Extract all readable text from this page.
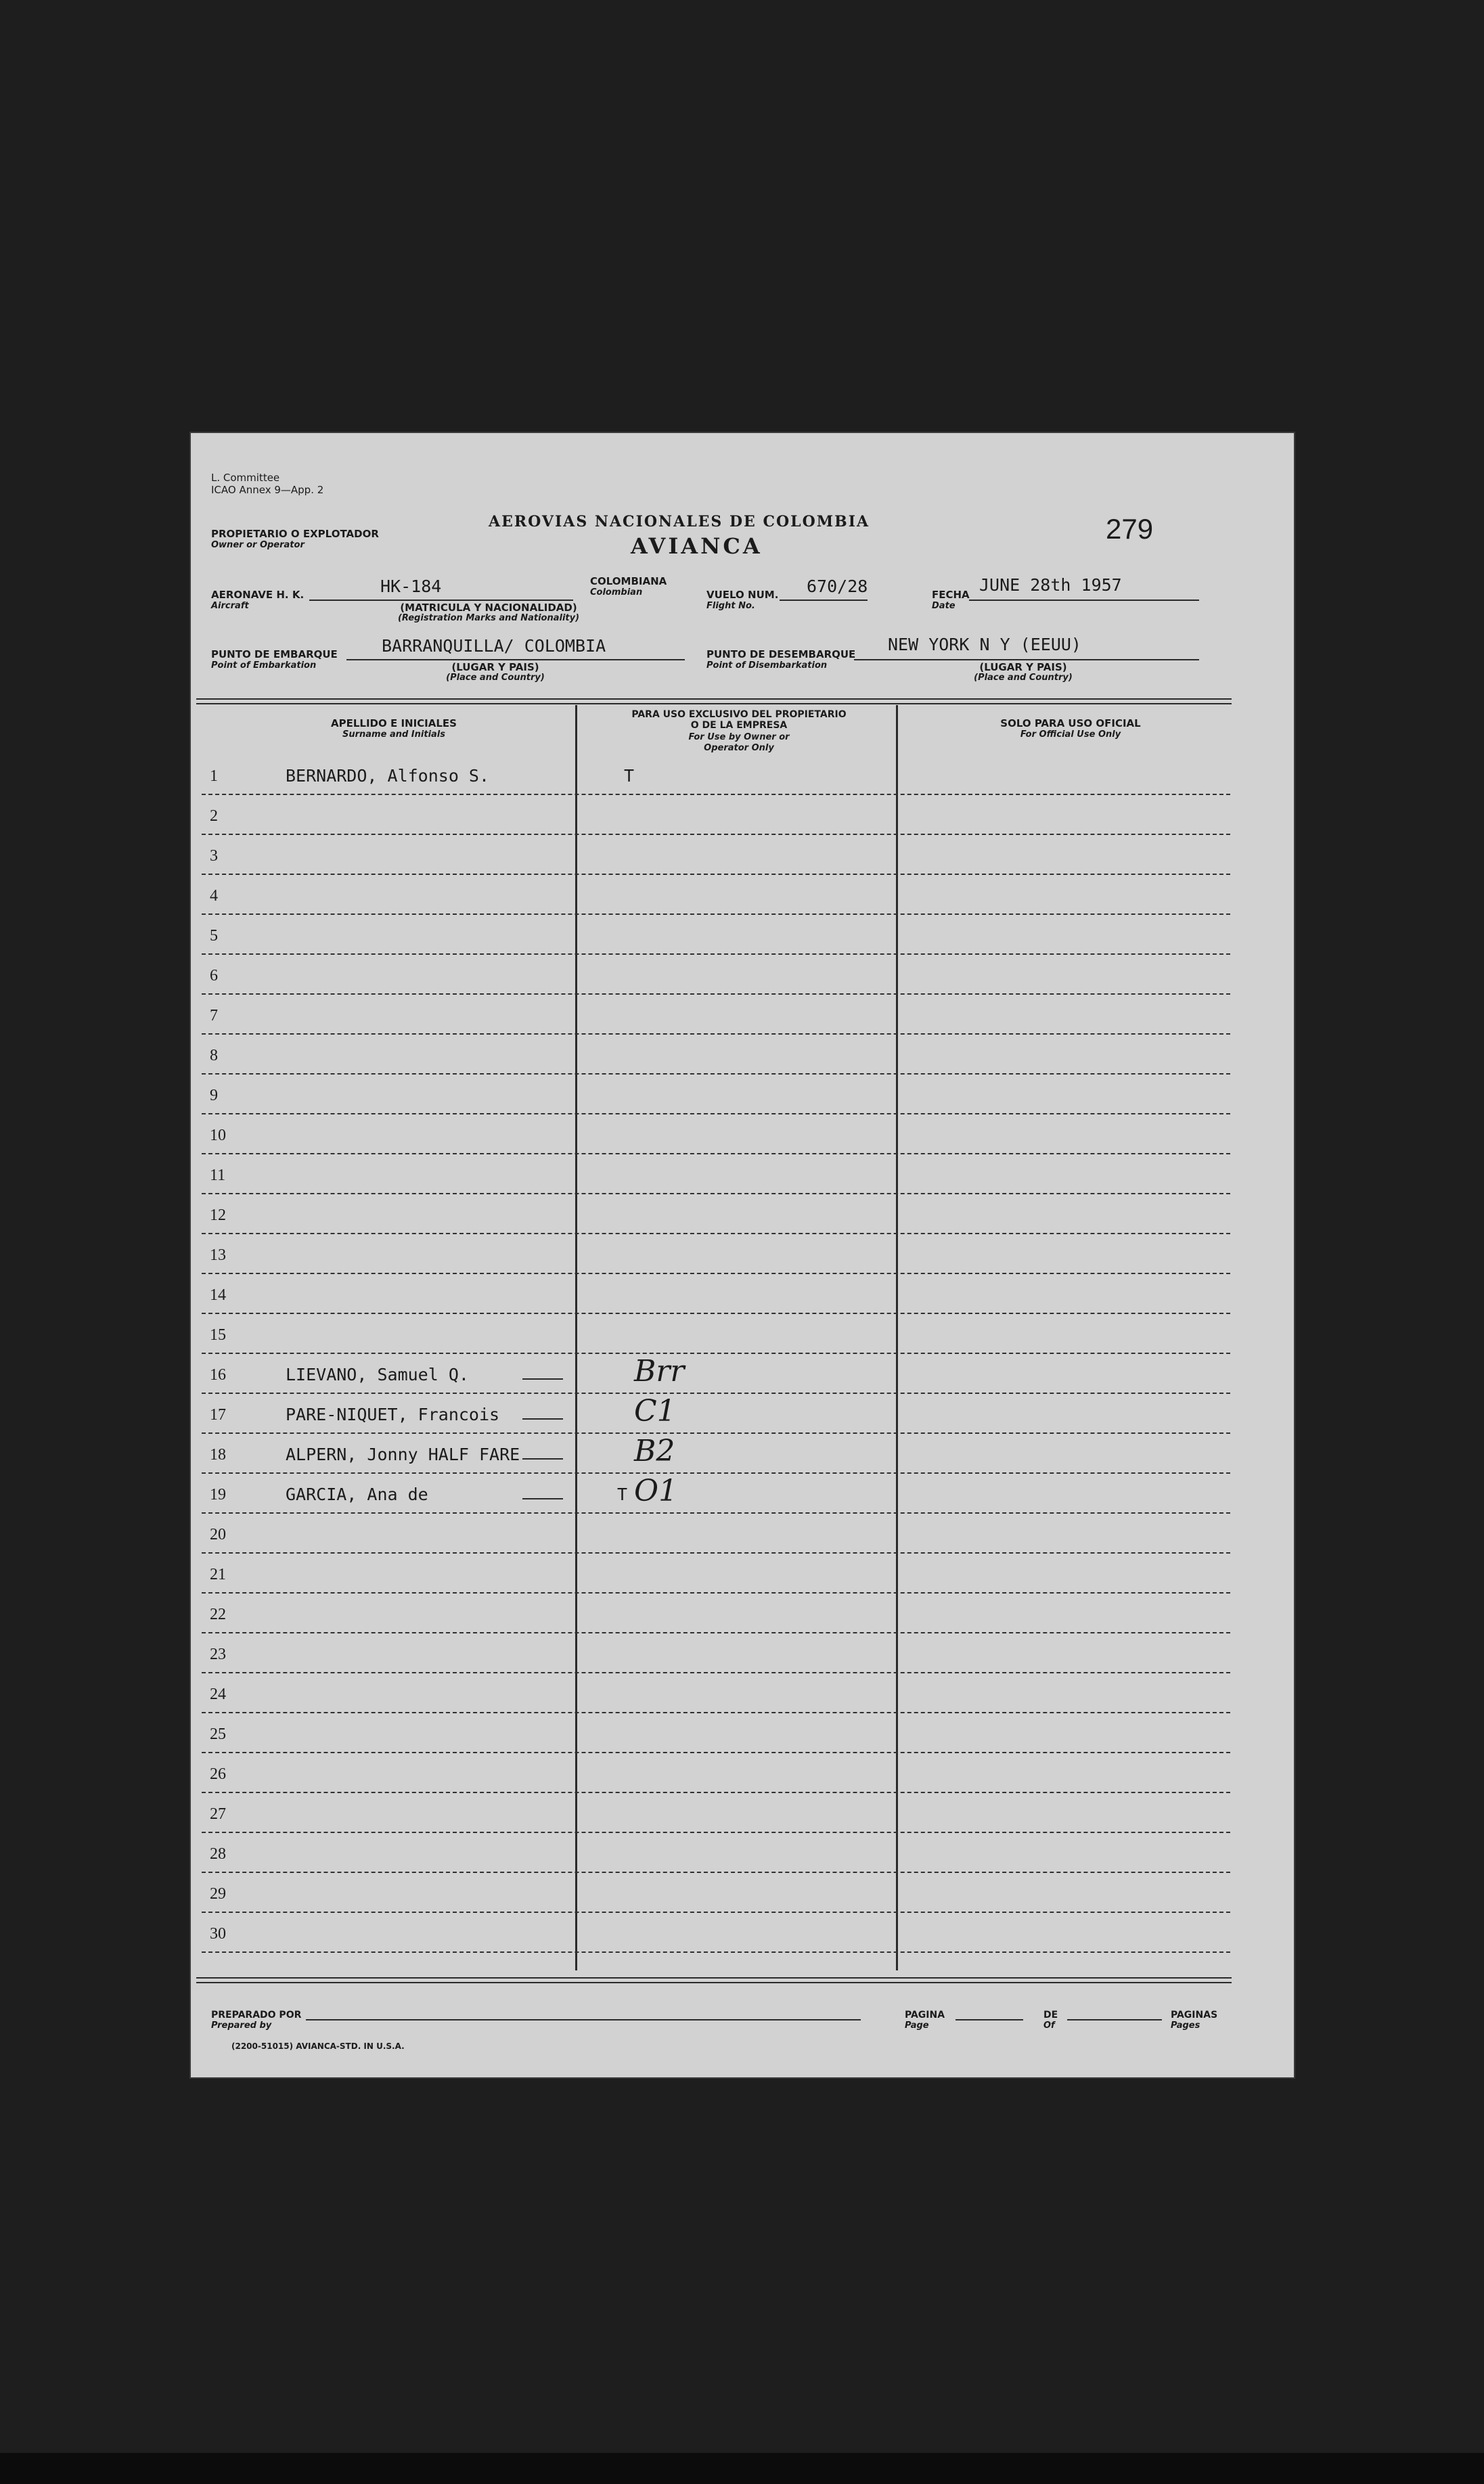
L. Committee
ICAO Annex 9—App. 2
PROPIETARIO O EXPLOTADOR
Owner or Operator
AEROVIAS NACIONALES DE COLOMBIA
AVIANCA
279
AERONAVE H. K.
Aircraft
HK-184
(MATRICULA Y NACIONALIDAD)
(Registration Marks and Nationality)
COLOMBIANA
Colombian	VUELO NUM.
Flight No.
670/28	FECHA
Date
JUNE 28th 1957
PUNTO DE EMBARQUE
Point of Embarkation
BARRANQUILLA/ COLOMBIA
(LUGAR Y PAIS)
(Place and Country)
PUNTO DE DESEMBARQUE
Point of Disembarkation
NEW YORK N Y (EEUU)
(LUGAR Y PAIS)
(Place and Country)
APELLIDO E INICIALES
Surname and Initials
PARA USO EXCLUSIVO DEL PROPIETARIO
O DE LA EMPRESA
For Use by Owner or
Operator Only
SOLO PARA USO OFICIAL
For Official Use Only
1	BERNARDO, Alfonso S.	T
2
3
4
5
6
7
8
9
10
11
12
13
14
15
16	LIEVANO, Samuel Q.	Brr
17	PARE-NIQUET, Francois	C1
18	ALPERN, Jonny HALF FARE	B2
19	GARCIA, Ana de	T O1
20
21
22
23
24
25
26
27
28
29
30
PREPARADO POR
Prepared by
(2200-51015) AVIANCA-STD. IN U.S.A.
PAGINA
Page
DE
Of
PAGINAS
Pages
